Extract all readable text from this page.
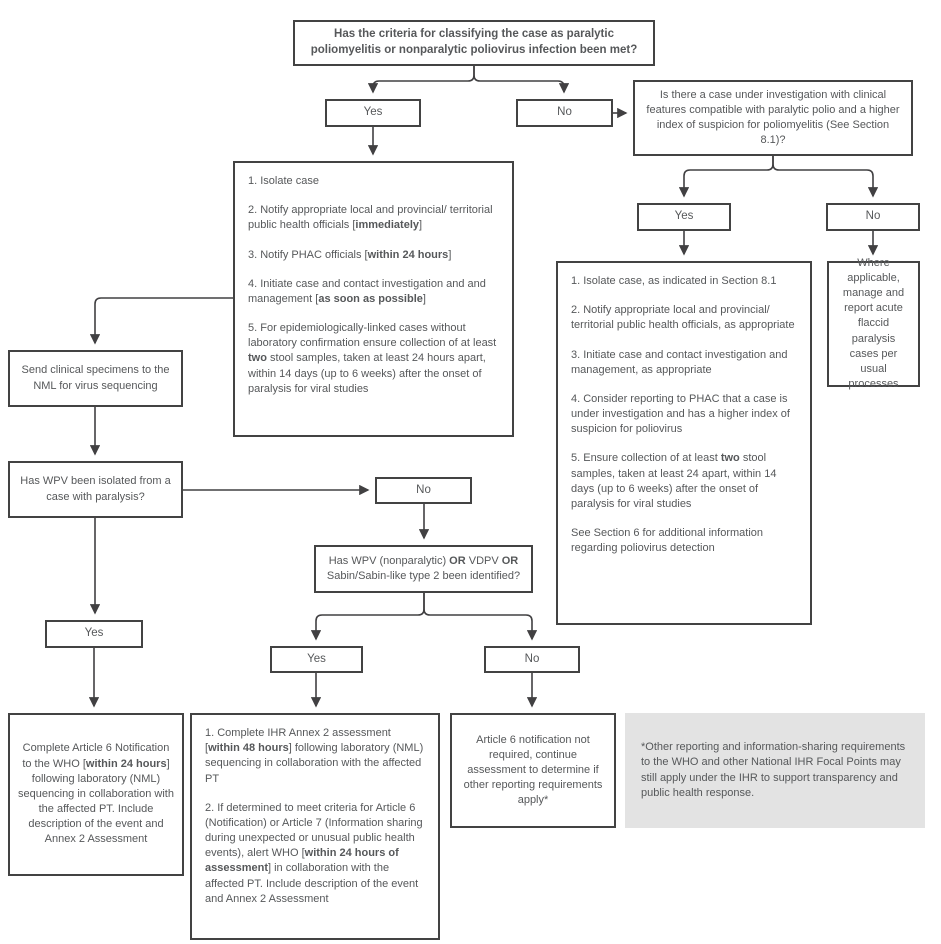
Has the criteria for classifying the case as paralytic poliomyelitis or nonparalytic poliovirus infection been met?
Yes	No
Is there a case under investigation with clinical features compatible with paralytic polio and a higher index of suspicion for poliomyelitis (See Section 8.1)?

1. Isolate case

2. Notify appropriate local and provincial/ territorial public health officials [immediately]

3. Notify PHAC officials [within 24 hours]

4. Initiate case and contact investigation and and management [as soon as possible]

5. For epidemiologically-linked cases without laboratory confirmation ensure collection of at least two stool samples, taken at least 24 hours apart, within 14 days (up to 6 weeks) after the onset of paralysis for viral studies

Yes	No

1. Isolate case, as indicated in Section 8.1

2. Notify appropriate local and provincial/ territorial public health officials, as appropriate

3. Initiate case and contact investigation and management, as appropriate

4. Consider reporting to PHAC that a case is under investigation and has a higher index of suspicion for poliovirus

5. Ensure collection of at least two stool samples, taken at least 24 apart, within 14 days (up to 6 weeks) after the onset of paralysis for viral studies

See Section 6 for additional information regarding poliovirus detection

Where applicable, manage and report acute flaccid paralysis cases per usual processes
Send clinical specimens to the NML for virus sequencing
Has WPV been isolated from a case with paralysis?
No
Has WPV (nonparalytic) OR VDPV OR Sabin/Sabin-like type 2 been identified?
Yes
Yes	No
Complete Article 6 Notification to the WHO [within 24 hours] following laboratory (NML) sequencing in collaboration with the affected PT. Include description of the event and Annex 2 Assessment

1. Complete IHR Annex 2 assessment [within 48 hours] following laboratory (NML) sequencing in collaboration with the affected PT

2. If determined to meet criteria for Article 6 (Notification) or Article 7 (Information sharing during unexpected or unusual public health events), alert WHO [within 24 hours of assessment] in collaboration with the affected PT. Include description of the event and Annex 2 Assessment

Article 6 notification not required, continue assessment to determine if other reporting requirements apply*
*Other reporting and information-sharing requirements to the WHO and other National IHR Focal Points may still apply under the IHR to support transparency and public health response.
